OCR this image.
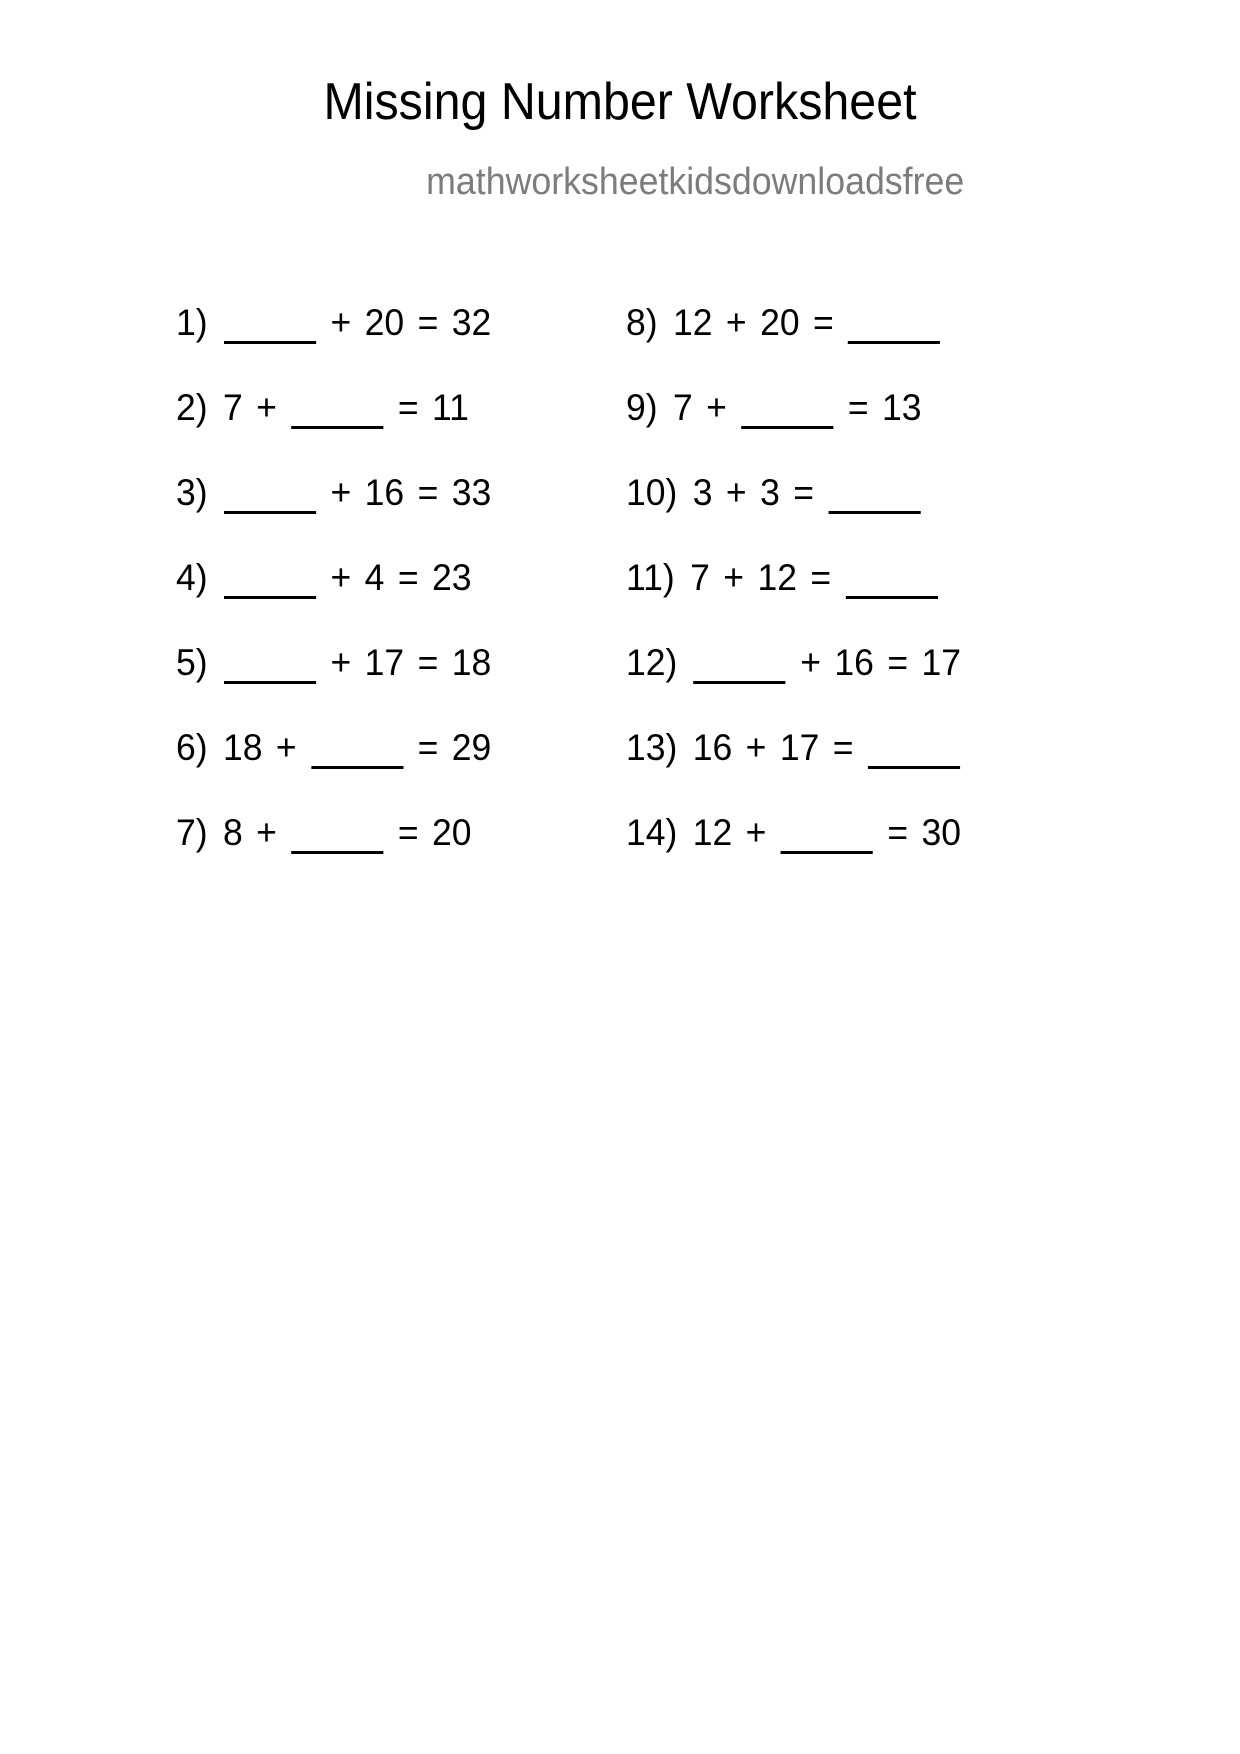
Missing Number Worksheet
mathworksheetkidsdownloadsfree
1)	+ 20 = 32
2) 7 +	= 11
3)	+ 16 = 33
4)	+ 4 = 23
5)	+ 17 = 18
6) 18 +	= 29
7) 8 +	= 20
8) 12 + 20 =
9) 7 +	= 13
10) 3 + 3 =
11) 7 + 12 =
12)	+ 16 = 17
13) 16 + 17 =
14) 12 +	= 30
